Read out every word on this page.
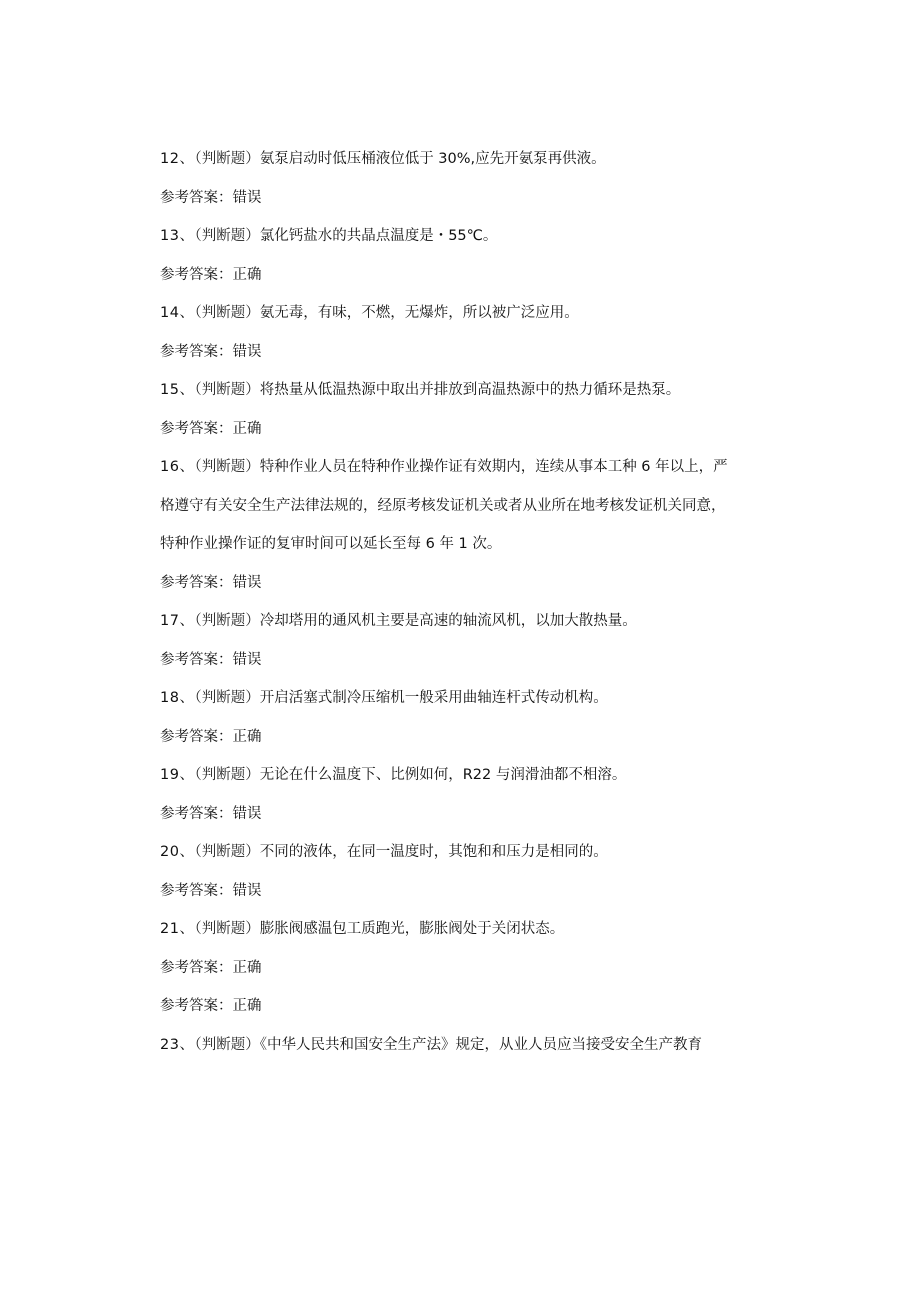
12、（判断题）氨泵启动时低压桶液位低于 30%,应先开氨泵再供液。
参考答案：错误
13、（判断题）氯化钙盐水的共晶点温度是・55℃。
参考答案：正确
14、（判断题）氨无毒，有味，不燃，无爆炸，所以被广泛应用。
参考答案：错误
15、（判断题）将热量从低温热源中取出并排放到高温热源中的热力循环是热泵。
参考答案：正确
16、（判断题）特种作业人员在特种作业操作证有效期内，连续从事本工种 6 年以上，严
格遵守有关安全生产法律法规的，经原考核发证机关或者从业所在地考核发证机关同意，
特种作业操作证的复审时间可以延长至每 6 年 1 次。
参考答案：错误
17、（判断题）冷却塔用的通风机主要是高速的轴流风机，以加大散热量。
参考答案：错误
18、（判断题）开启活塞式制冷压缩机一般采用曲轴连杆式传动机构。
参考答案：正确
19、（判断题）无论在什么温度下、比例如何，R22 与润滑油都不相溶。
参考答案：错误
20、（判断题）不同的液体，在同一温度时，其饱和和压力是相同的。
参考答案：错误
21、（判断题）膨胀阀感温包工质跑光，膨胀阀处于关闭状态。
参考答案：正确
参考答案：正确
23、（判断题）《中华人民共和国安全生产法》规定，从业人员应当接受安全生产教育
